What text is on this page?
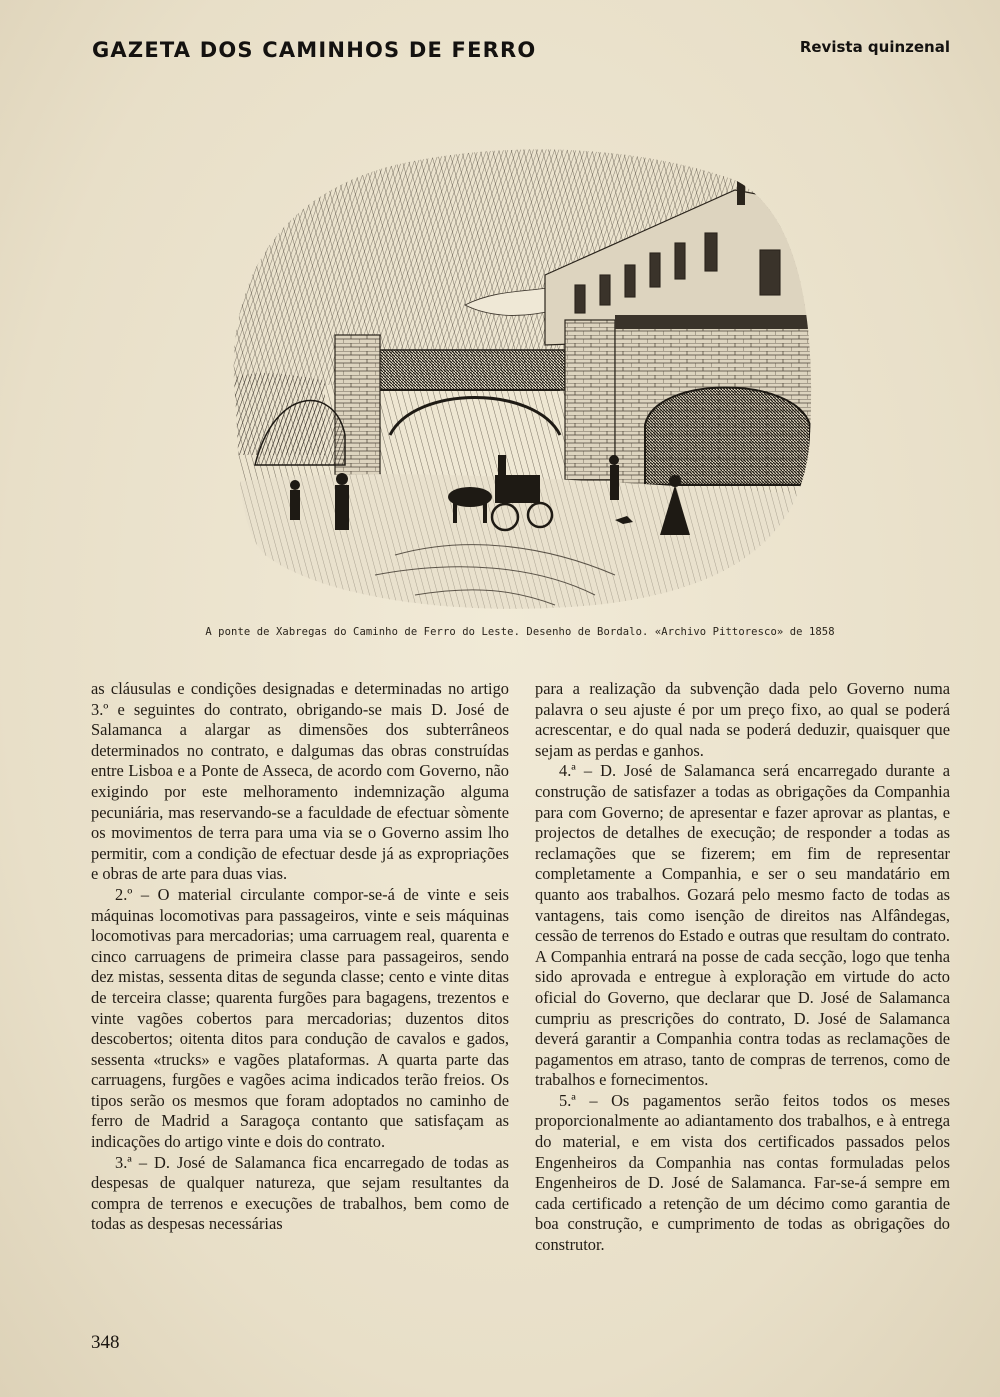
GAZETA DOS CAMINHOS DE FERRO	Revista quinzenal
A ponte de Xabregas do Caminho de Ferro do Leste. Desenho de Bordalo. «Archivo Pittoresco» de 1858

as cláusulas e condições designadas e determinadas no artigo 3.º e seguintes do contrato, obrigando-se mais D. José de Salamanca a alargar as dimensões dos subterrâneos determinados no contrato, e dalgumas das obras construídas entre Lisboa e a Ponte de Asseca, de acordo com Governo, não exigindo por este melhoramento indemnização alguma pecuniária, mas reservando-se a faculdade de efectuar sòmente os movimentos de terra para uma via se o Governo assim lho permitir, com a condição de efectuar desde já as expropriações e obras de arte para duas vias.

2.º – O material circulante compor-se-á de vinte e seis máquinas locomotivas para passageiros, vinte e seis máquinas locomotivas para mercadorias; uma carruagem real, quarenta e cinco carruagens de primeira classe para passageiros, sendo dez mistas, sessenta ditas de segunda classe; cento e vinte ditas de terceira classe; quarenta furgões para bagagens, trezentos e vinte vagões cobertos para mercadorias; duzentos ditos descobertos; oitenta ditos para condução de cavalos e gados, sessenta «trucks» e vagões plataformas. A quarta parte das carruagens, furgões e vagões acima indicados terão freios. Os tipos serão os mesmos que foram adoptados no caminho de ferro de Madrid a Saragoça contanto que satisfaçam as indicações do artigo vinte e dois do contrato.

3.ª – D. José de Salamanca fica encarregado de todas as despesas de qualquer natureza, que sejam resultantes da compra de terrenos e execuções de trabalhos, bem como de todas as despesas necessárias

para a realização da subvenção dada pelo Governo numa palavra o seu ajuste é por um preço fixo, ao qual se poderá acrescentar, e do qual nada se poderá deduzir, quaisquer que sejam as perdas e ganhos.

4.ª – D. José de Salamanca será encarregado durante a construção de satisfazer a todas as obrigações da Companhia para com Governo; de apresentar e fazer aprovar as plantas, e projectos de detalhes de execução; de responder a todas as reclamações que se fizerem; em fim de representar completamente a Companhia, e ser o seu mandatário em quanto aos trabalhos. Gozará pelo mesmo facto de todas as vantagens, tais como isenção de direitos nas Alfândegas, cessão de terrenos do Estado e outras que resultam do contrato. A Companhia entrará na posse de cada secção, logo que tenha sido aprovada e entregue à exploração em virtude do acto oficial do Governo, que declarar que D. José de Salamanca cumpriu as prescrições do contrato, D. José de Salamanca deverá garantir a Companhia contra todas as reclamações de pagamentos em atraso, tanto de compras de terrenos, como de trabalhos e fornecimentos.

5.ª – Os pagamentos serão feitos todos os meses proporcionalmente ao adiantamento dos trabalhos, e à entrega do material, e em vista dos certificados passados pelos Engenheiros da Companhia nas contas formuladas pelos Engenheiros de D. José de Salamanca. Far-se-á sempre em cada certificado a retenção de um décimo como garantia de boa construção, e cumprimento de todas as obrigações do construtor.

348
